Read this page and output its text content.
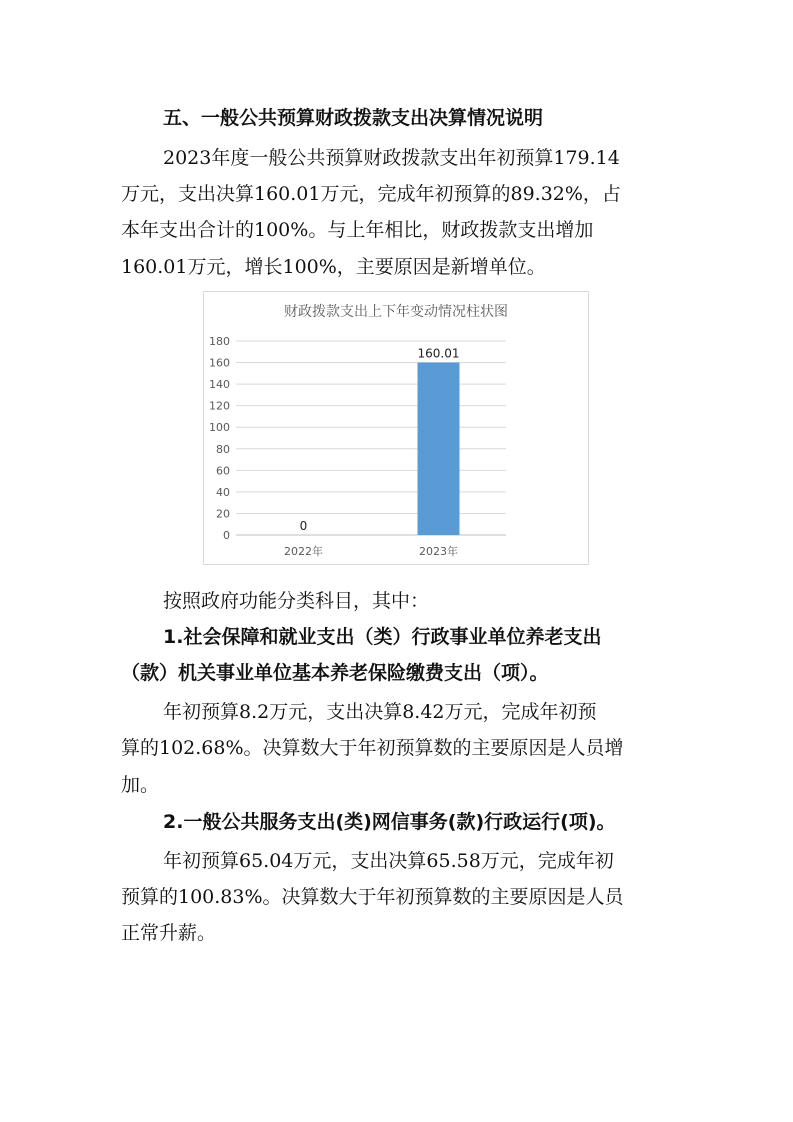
五、一般公共预算财政拨款支出决算情况说明
2023年度一般公共预算财政拨款支出年初预算179.14
万元，支出决算160.01万元，完成年初预算的89.32%，占
本年支出合计的100%。与上年相比，财政拨款支出增加
160.01万元，增长100%，主要原因是新增单位。
财政拨款支出上下年变动情况柱状图
0
20
40
60
80
100
120
140
160
180
0
2022年
160.01
2023年
按照政府功能分类科目，其中：
1.社会保障和就业支出（类）行政事业单位养老支出
（款）机关事业单位基本养老保险缴费支出（项）。
年初预算8.2万元，支出决算8.42万元，完成年初预
算的102.68%。决算数大于年初预算数的主要原因是人员增
加。
2.一般公共服务支出(类)网信事务(款)行政运行(项)。
年初预算65.04万元，支出决算65.58万元，完成年初
预算的100.83%。决算数大于年初预算数的主要原因是人员
正常升薪。
